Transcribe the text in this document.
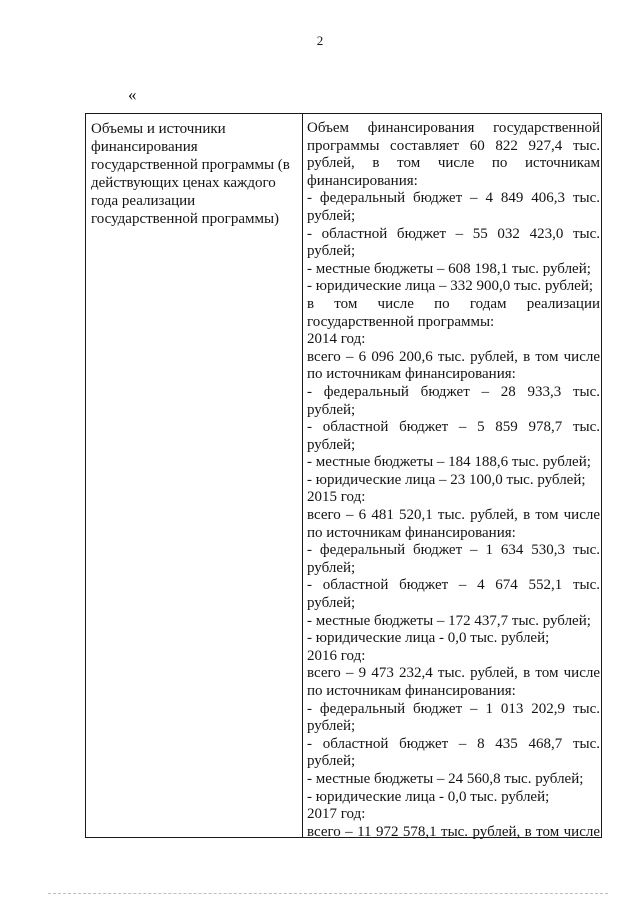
2
«
Объемы и источники
финансирования
государственной программы (в
действующих ценах каждого
года реализации
государственной программы)
Объем финансирования государственной
программы составляет 60 822 927,4 тыс.
рублей, в том числе по источникам
финансирования:
- федеральный бюджет – 4 849 406,3 тыс.
рублей;
- областной бюджет – 55 032 423,0 тыс.
рублей;
- местные бюджеты – 608 198,1 тыс. рублей;
- юридические лица – 332 900,0 тыс. рублей;
в том числе по годам реализации
государственной программы:
2014 год:
всего – 6 096 200,6 тыс. рублей, в том числе
по источникам финансирования:
- федеральный бюджет – 28 933,3 тыс.
рублей;
- областной бюджет – 5 859 978,7 тыс.
рублей;
- местные бюджеты – 184 188,6 тыс. рублей;
- юридические лица – 23 100,0 тыс. рублей;
2015 год:
всего – 6 481 520,1 тыс. рублей, в том числе
по источникам финансирования:
- федеральный бюджет – 1 634 530,3 тыс.
рублей;
- областной бюджет – 4 674 552,1 тыс.
рублей;
- местные бюджеты – 172 437,7 тыс. рублей;
- юридические лица - 0,0 тыс. рублей;
2016 год:
всего – 9 473 232,4 тыс. рублей, в том числе
по источникам финансирования:
- федеральный бюджет – 1 013 202,9 тыс.
рублей;
- областной бюджет – 8 435 468,7 тыс.
рублей;
- местные бюджеты – 24 560,8 тыс. рублей;
- юридические лица - 0,0 тыс. рублей;
2017 год:
всего – 11 972 578,1 тыс. рублей, в том числе
